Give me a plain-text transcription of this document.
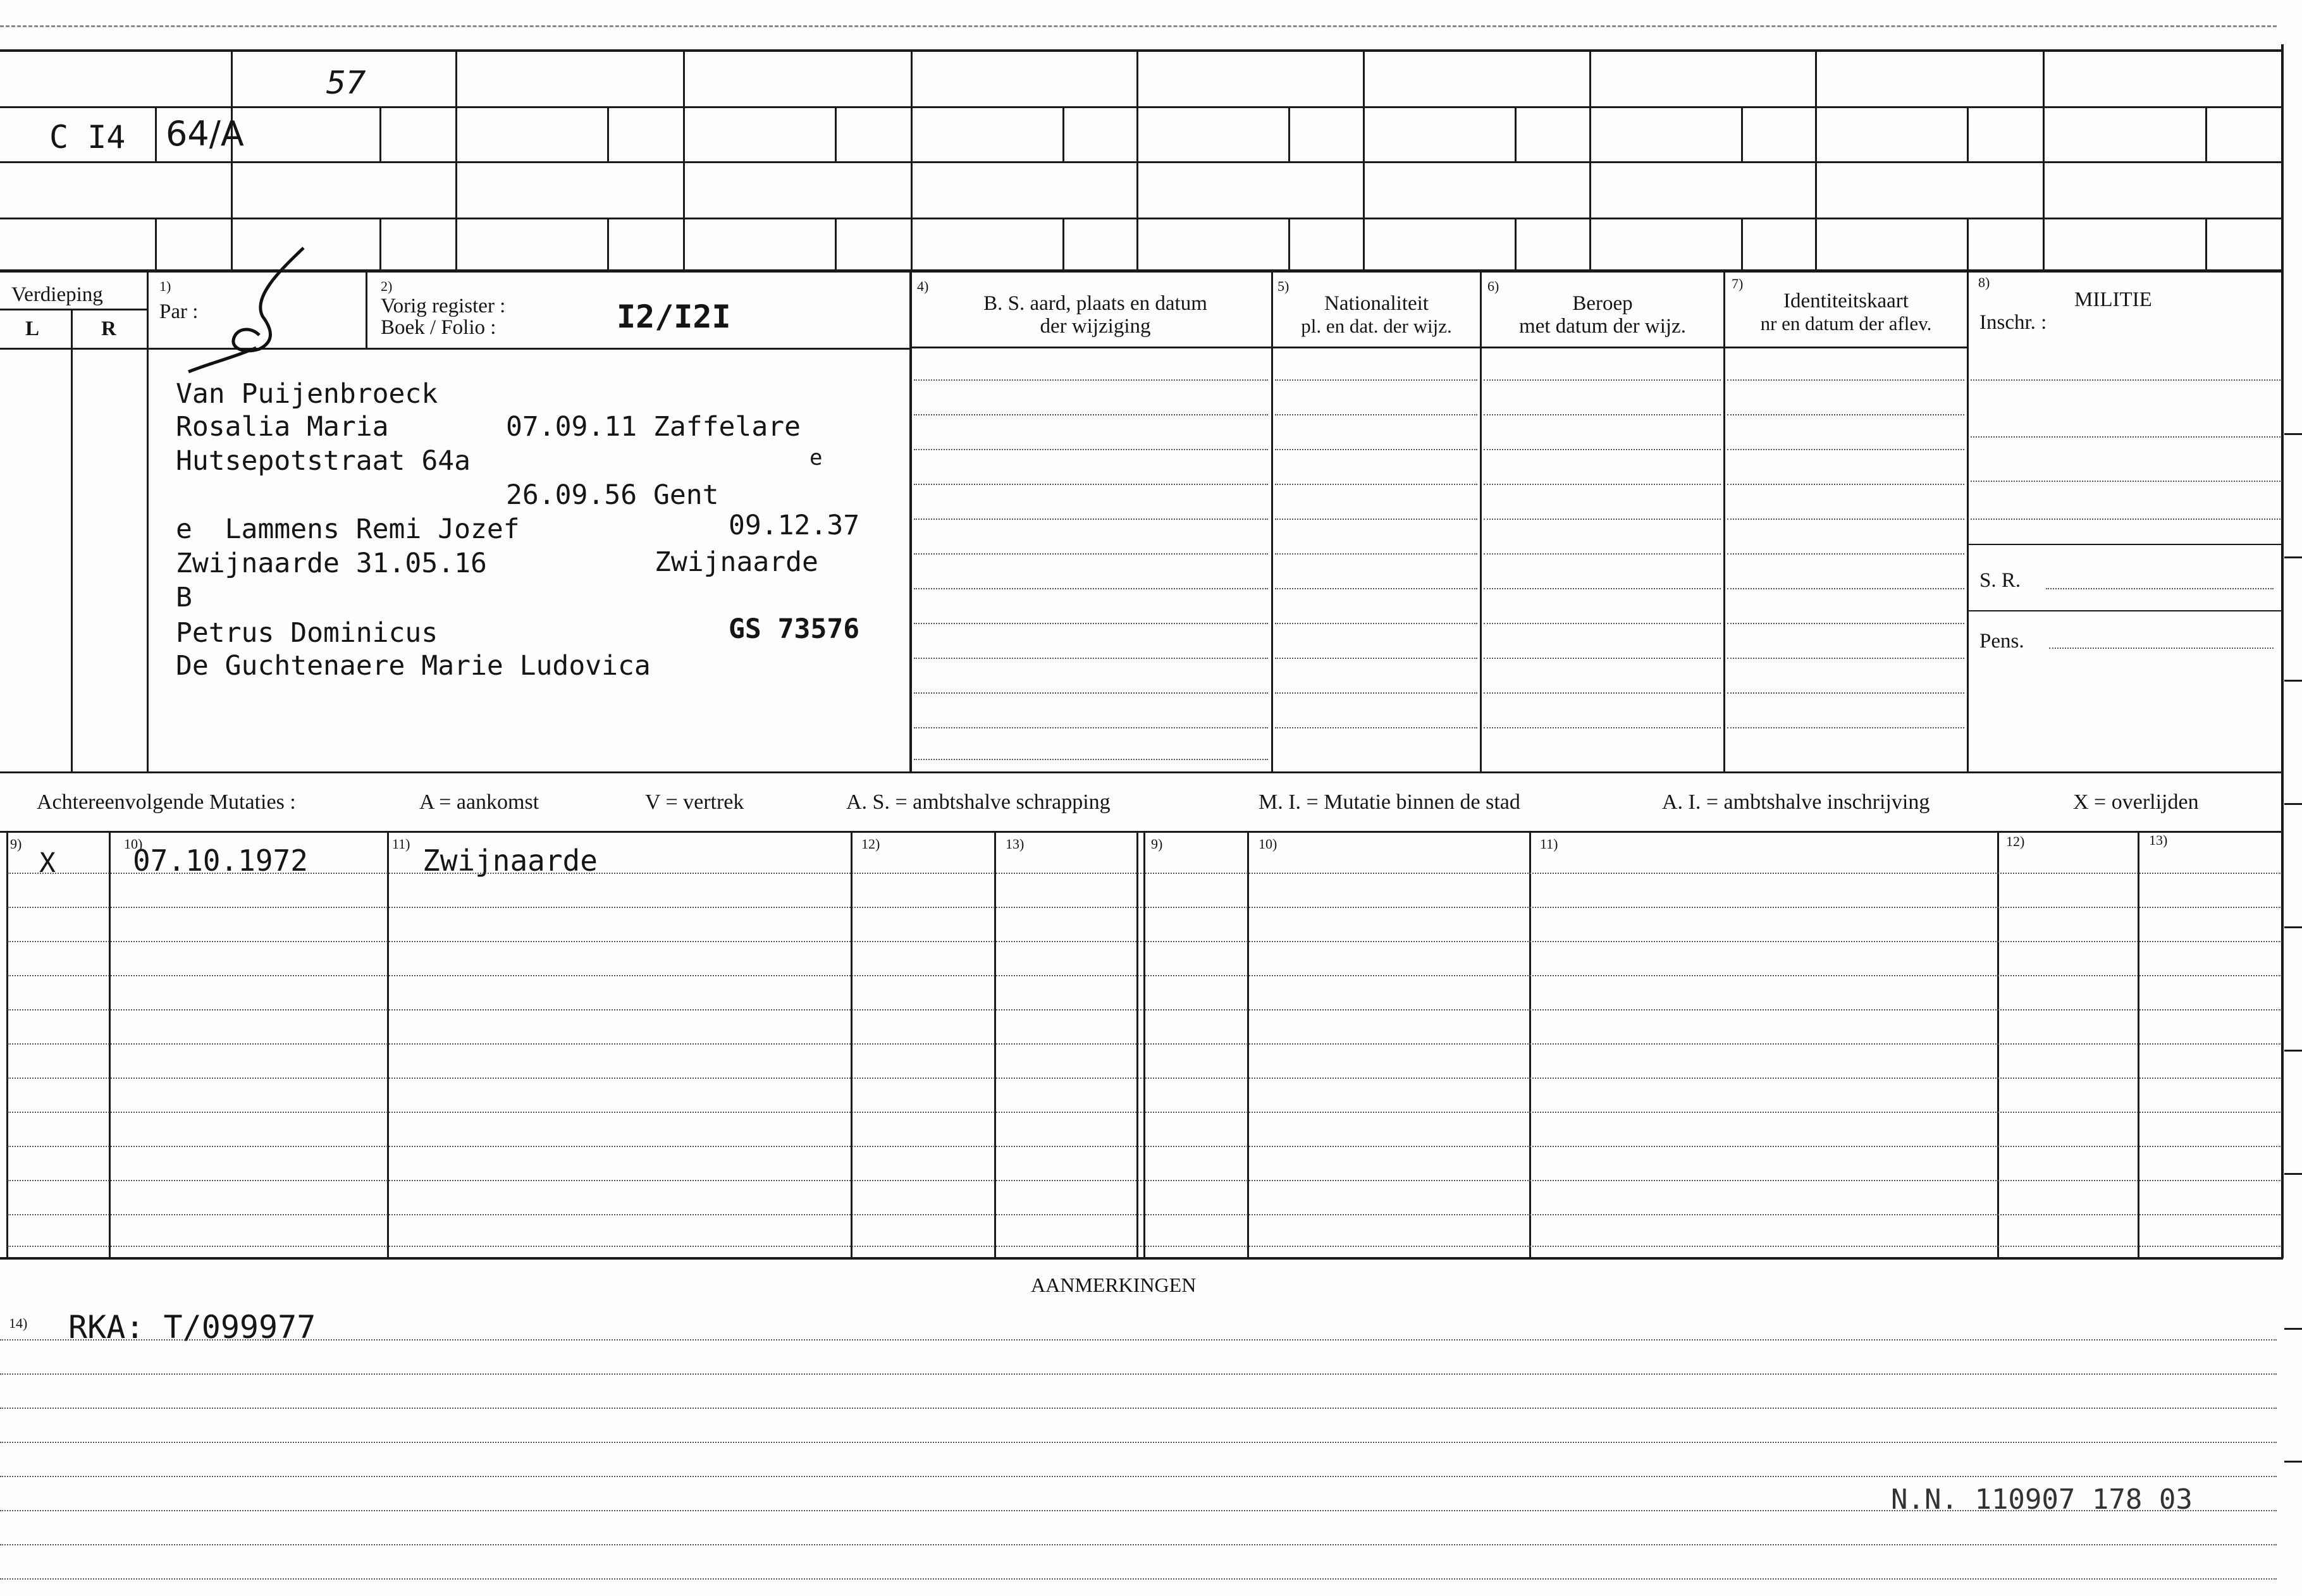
C I4 64/A
57
Verdieping
L	R
1)
Par :
2)
Vorig register :
Boek / Folio :	I2/I2I
4)
B. S. aard, plaats en datum
der wijziging
5)
Nationaliteit
pl. en dat. der wijz.
6)
Beroep
met datum der wijz.
7)
Identiteitskaart
nr en datum der aflev.
8)
MILITIE
Inschr. :
S. R.
Pens.
Van Puijenbroeck
Rosalia Maria	07.09.11 Zaffelare
Hutsepotstraat 64a	e
26.09.56 Gent
e  Lammens Remi Jozef	09.12.37
Zwijnaarde 31.05.16	Zwijnaarde
B
Petrus Dominicus	GS 73576
De Guchtenaere Marie Ludovica
Achtereenvolgende Mutaties :	A = aankomst	V = vertrek	A. S. = ambtshalve schrapping	M. I. = Mutatie binnen de stad	A. I. = ambtshalve inschrijving	X = overlijden
9)	10)	11)	12)	13)	9)	10)	11)	12)	13)
X	07.10.1972	Zwijnaarde
AANMERKINGEN
14) RKA: T/099977
N.N. 110907 178 03
